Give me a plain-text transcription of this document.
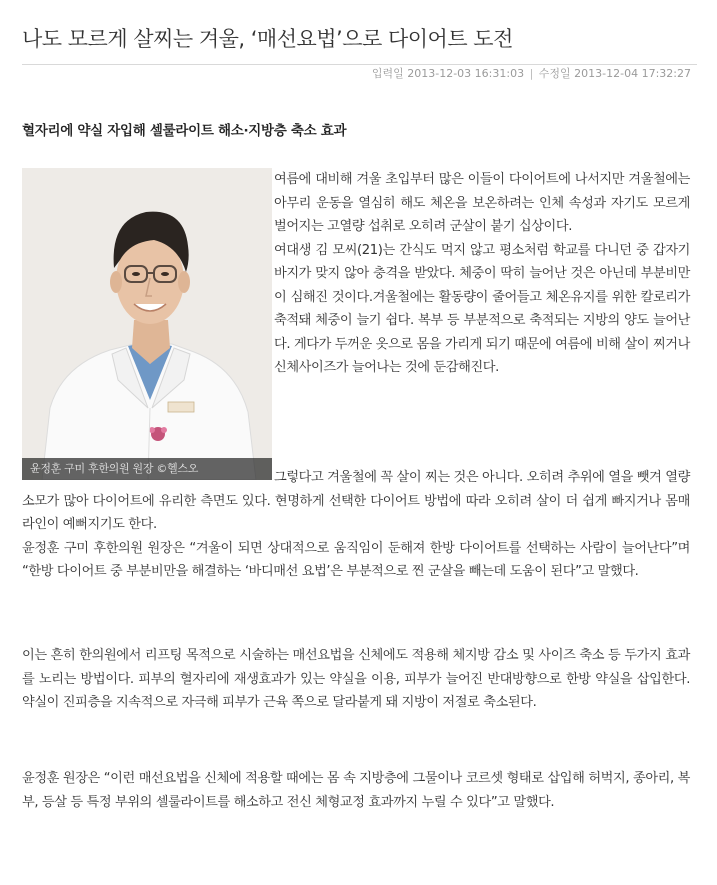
나도 모르게 살찌는 겨울, ‘매선요법’으로 다이어트 도전
입력일 2013-12-03 16:31:03 | 수정일 2013-12-04 17:32:27
혈자리에 약실 자입해 셀룰라이트 해소·지방층 축소 효과
윤정훈 구미 후한의원 원장 ©헬스오

여름에 대비해 겨울 초입부터 많은 이들이 다이어트에 나서지만 겨울철에는 아무리 운동을 열심히 해도 체온을 보온하려는 인체 속성과 자기도 모르게 벌어지는 고열량 섭취로 오히려 군살이 붙기 십상이다.

여대생 김 모씨(21)는 간식도 먹지 않고 평소처럼 학교를 다니던 중 갑자기 바지가 맞지 않아 충격을 받았다. 체중이 딱히 늘어난 것은 아닌데 부분비만이 심해진 것이다.겨울철에는 활동량이 줄어들고 체온유지를 위한 칼로리가 축적돼 체중이 늘기 쉽다. 복부 등 부분적으로 축적되는 지방의 양도 늘어난다. 게다가 두꺼운 옷으로 몸을 가리게 되기 때문에 여름에 비해 살이 찌거나 신체사이즈가 늘어나는 것에 둔감해진다.

그렇다고 겨울철에 꼭 살이 찌는 것은 아니다. 오히려 추위에 열을 뺏겨 열량 소모가 많아 다이어트에 유리한 측면도 있다. 현명하게 선택한 다이어트 방법에 따라 오히려 살이 더 쉽게 빠지거나 몸매라인이 예뻐지기도 한다.

윤정훈 구미 후한의원 원장은 “겨울이 되면 상대적으로 움직임이 둔해져 한방 다이어트를 선택하는 사람이 늘어난다”며 “한방 다이어트 중 부분비만을 해결하는 ‘바디매선 요법’은 부분적으로 찐 군살을 빼는데 도움이 된다”고 말했다.

이는 흔히 한의원에서 리프팅 목적으로 시술하는 매선요법을 신체에도 적용해 체지방 감소 및 사이즈 축소 등 두가지 효과를 노리는 방법이다. 피부의 혈자리에 재생효과가 있는 약실을 이용, 피부가 늘어진 반대방향으로 한방 약실을 삽입한다. 약실이 진피층을 지속적으로 자극해 피부가 근육 쪽으로 달라붙게 돼 지방이 저절로 축소된다.

윤정훈 원장은 “이런 매선요법을 신체에 적용할 때에는 몸 속 지방층에 그물이나 코르셋 형태로 삽입해 허벅지, 종아리, 복부, 등살 등 특정 부위의 셀룰라이트를 해소하고 전신 체형교정 효과까지 누릴 수 있다”고 말했다.
